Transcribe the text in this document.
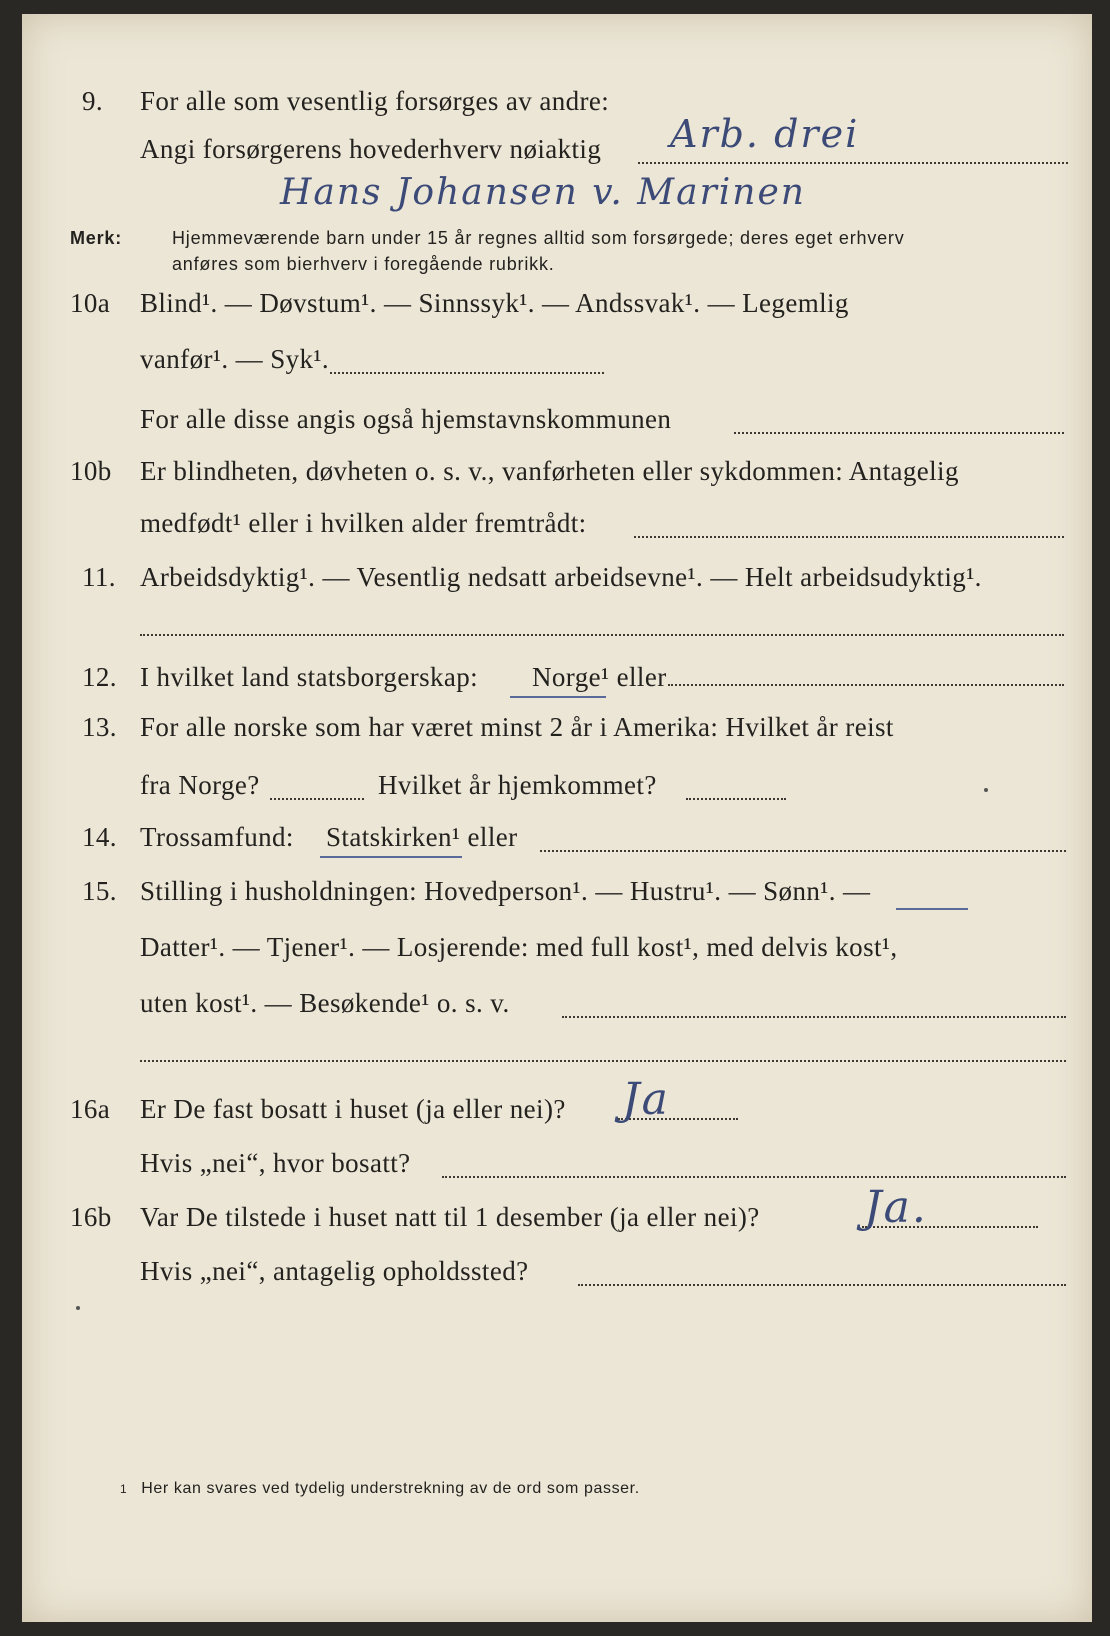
9. For alle som vesentlig forsørges av andre:
Angi forsørgerens hovederhverv nøiaktig Arb. drei
Hans Johansen v. Marinen
Merk:	Hjemmeværende barn under 15 år regnes alltid som forsørgede; deres eget erhverv
anføres som bierhverv i foregående rubrikk.
10a Blind¹. — Døvstum¹. — Sinnssyk¹. — Andssvak¹. — Legemlig
vanfør¹. — Syk¹.
For alle disse angis også hjemstavnskommunen
10b Er blindheten, døvheten o. s. v., vanførheten eller sykdommen: Antagelig
medfødt¹ eller i hvilken alder fremtrådt:
11. Arbeidsdyktig¹. — Vesentlig nedsatt arbeidsevne¹. — Helt arbeidsudyktig¹.
12. I hvilket land statsborgerskap: Norge¹ eller
13. For alle norske som har været minst 2 år i Amerika: Hvilket år reist
fra Norge?	Hvilket år hjemkommet?
14. Trossamfund: Statskirken¹ eller
15. Stilling i husholdningen: Hovedperson¹. — Hustru¹. — Sønn¹. —
Datter¹. — Tjener¹. — Losjerende: med full kost¹, med delvis kost¹,
uten kost¹. — Besøkende¹ o. s. v.
16a Er De fast bosatt i huset (ja eller nei)? Ja
Hvis „nei“, hvor bosatt?
16b Var De tilstede i huset natt til 1 desember (ja eller nei)? Ja.
Hvis „nei“, antagelig opholdssted?
1 Her kan svares ved tydelig understrekning av de ord som passer.
